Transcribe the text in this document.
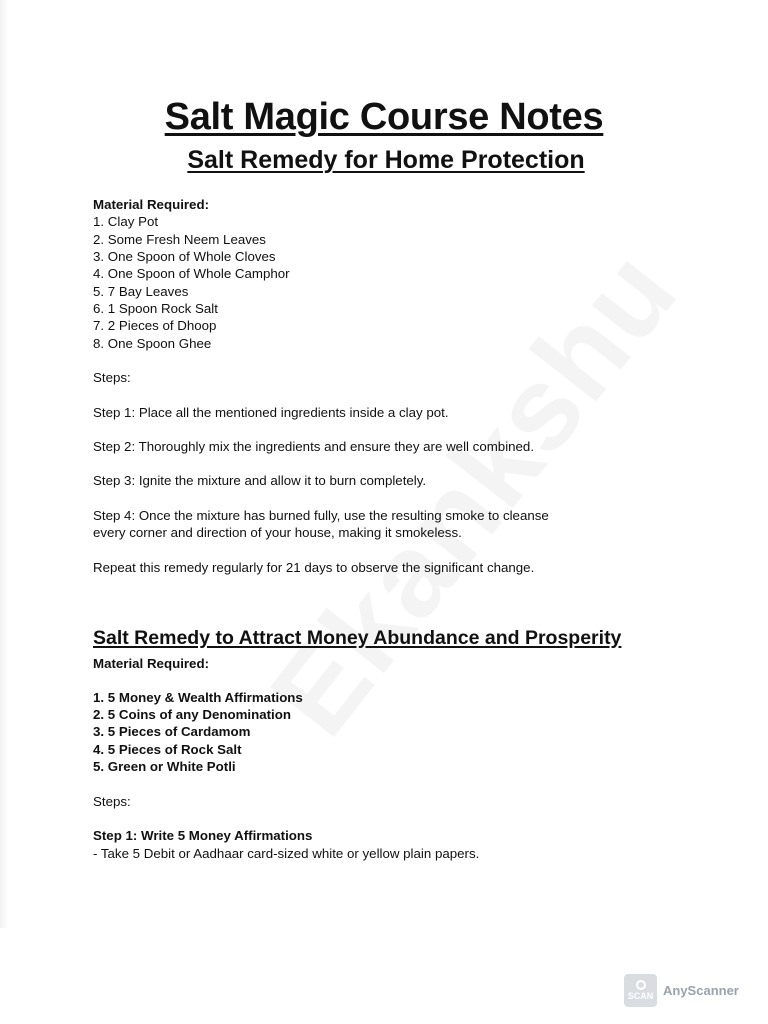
Salt Magic Course Notes
Salt Remedy for Home Protection
Material Required:
1. Clay Pot
2. Some Fresh Neem Leaves
3. One Spoon of Whole Cloves
4. One Spoon of Whole Camphor
5. 7 Bay Leaves
6. 1 Spoon Rock Salt
7. 2 Pieces of Dhoop
8. One Spoon Ghee
Steps:
Step 1: Place all the mentioned ingredients inside a clay pot.
Step 2: Thoroughly mix the ingredients and ensure they are well combined.
Step 3: Ignite the mixture and allow it to burn completely.
Step 4: Once the mixture has burned fully, use the resulting smoke to cleanse
every corner and direction of your house, making it smokeless.
Repeat this remedy regularly for 21 days to observe the significant change.
Salt Remedy to Attract Money Abundance and Prosperity
Material Required:
1. 5 Money & Wealth Affirmations
2. 5 Coins of any Denomination
3. 5 Pieces of Cardamom
4. 5 Pieces of Rock Salt
5. Green or White Potli
Steps:
Step 1: Write 5 Money Affirmations
- Take 5 Debit or Aadhaar card-sized white or yellow plain papers.
SCAN AnyScanner
